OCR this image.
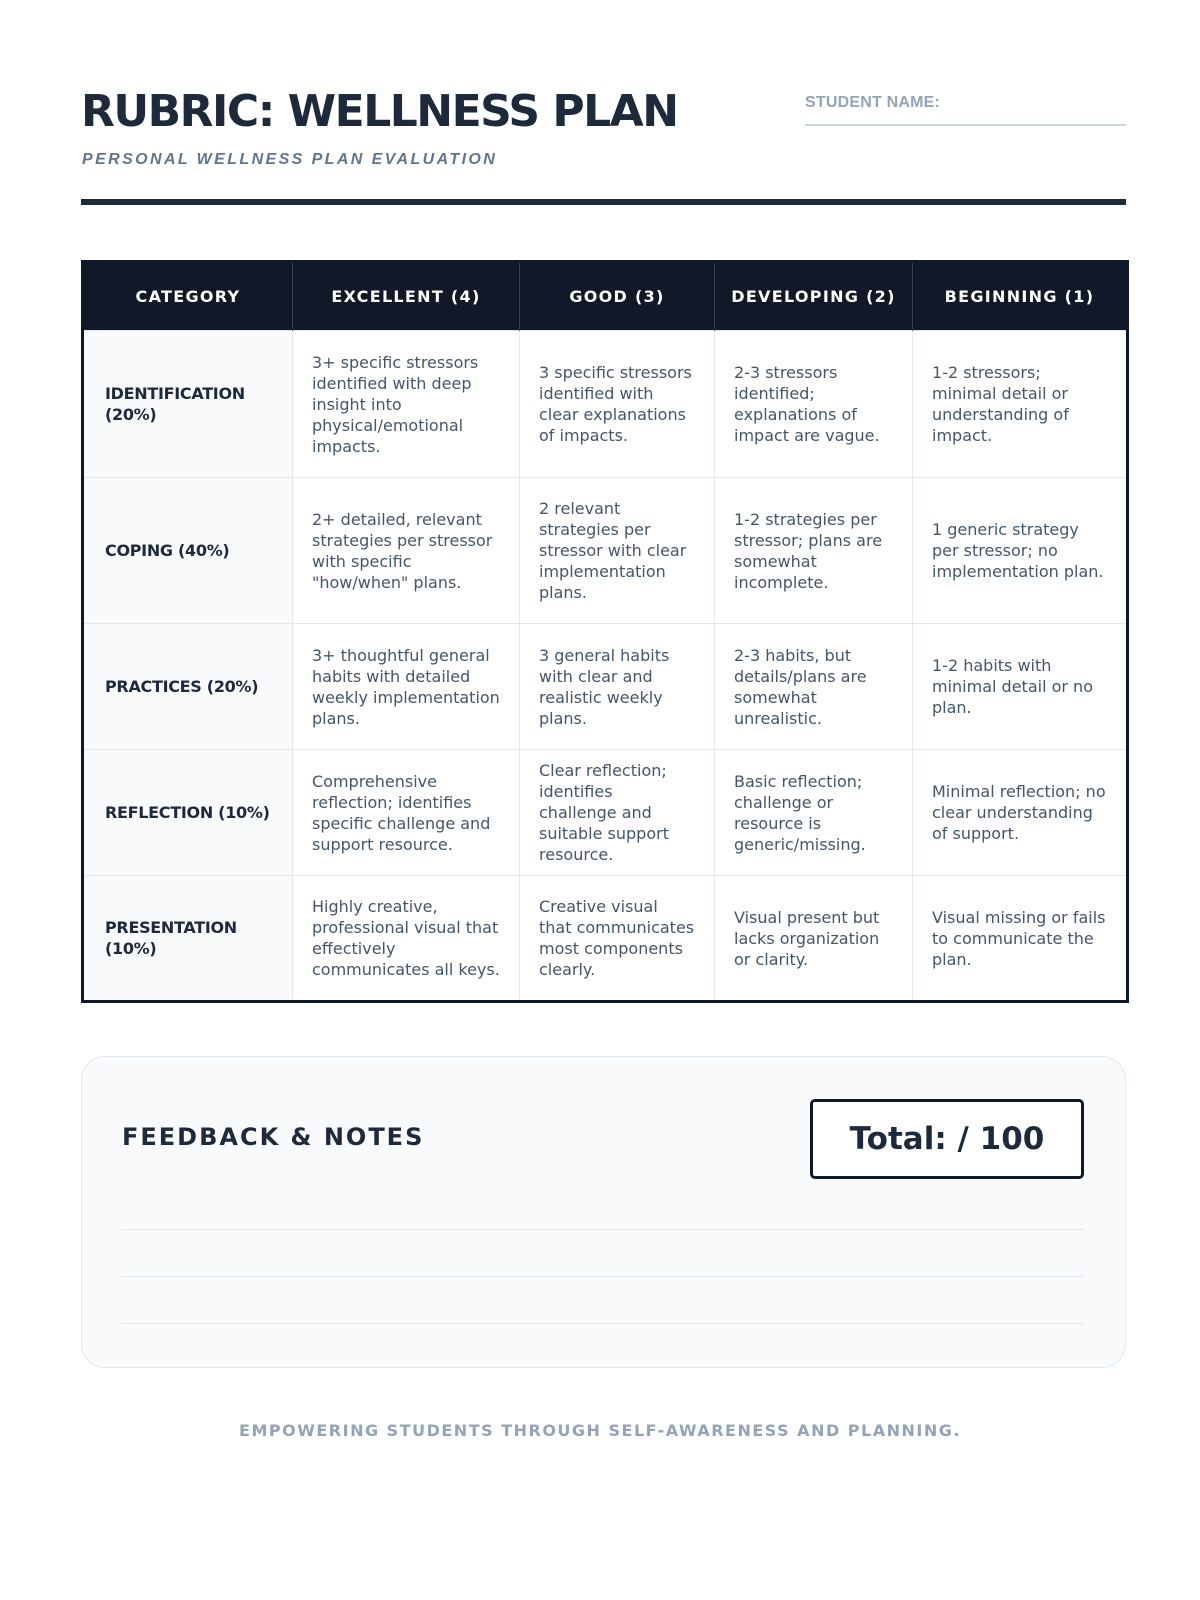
RUBRIC: WELLNESS PLAN
PERSONAL WELLNESS PLAN EVALUATION
STUDENT NAME:
CATEGORY	EXCELLENT (4)	GOOD (3)	DEVELOPING (2)	BEGINNING (1)
IDENTIFICATION (20%)	3+ specific stressors identified with deep insight into physical/emotional impacts.	3 specific stressors identified with clear explanations of impacts.	2-3 stressors identified; explanations of impact are vague.	1-2 stressors; minimal detail or understanding of impact.
COPING (40%)	2+ detailed, relevant strategies per stressor with specific "how/when" plans.	2 relevant strategies per stressor with clear implementation plans.	1-2 strategies per stressor; plans are somewhat incomplete.	1 generic strategy per stressor; no implementation plan.
PRACTICES (20%)	3+ thoughtful general habits with detailed weekly implementation plans.	3 general habits with clear and realistic weekly plans.	2-3 habits, but details/plans are somewhat unrealistic.	1-2 habits with minimal detail or no plan.
REFLECTION (10%)	Comprehensive reflection; identifies specific challenge and support resource.	Clear reflection; identifies challenge and suitable support resource.	Basic reflection; challenge or resource is generic/missing.	Minimal reflection; no clear understanding of support.
PRESENTATION (10%)	Highly creative, professional visual that effectively communicates all keys.	Creative visual that communicates most components clearly.	Visual present but lacks organization or clarity.	Visual missing or fails to communicate the plan.
FEEDBACK & NOTES	Total: / 100
EMPOWERING STUDENTS THROUGH SELF-AWARENESS AND PLANNING.
